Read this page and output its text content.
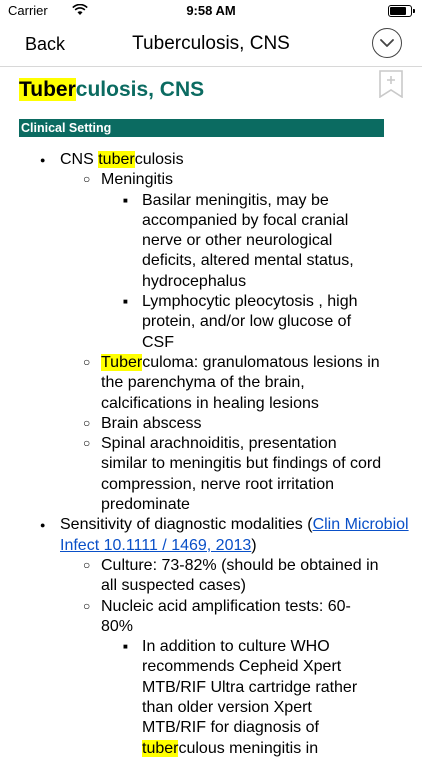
Carrier	9:58 AM
Back	Tuberculosis, CNS
Tuberculosis, CNS
Clinical Setting
● CNS tuberculosis
○ Meningitis
■ Basilar meningitis, may be accompanied by focal cranial nerve or other neurological deficits, altered mental status, hydrocephalus
■ Lymphocytic pleocytosis , high protein, and/or low glucose of CSF
○ Tuberculoma: granulomatous lesions in the parenchyma of the brain, calcifications in healing lesions
○ Brain abscess
○ Spinal arachnoiditis, presentation similar to meningitis but findings of cord compression, nerve root irritation predominate
● Sensitivity of diagnostic modalities (Clin Microbiol Infect 10.1111 / 1469, 2013)
○ Culture: 73-82% (should be obtained in all suspected cases)
○ Nucleic acid amplification tests: 60-80%
■ In addition to culture WHO recommends Cepheid Xpert MTB/RIF Ultra cartridge rather than older version Xpert MTB/RIF for diagnosis of tuberculous meningitis in
